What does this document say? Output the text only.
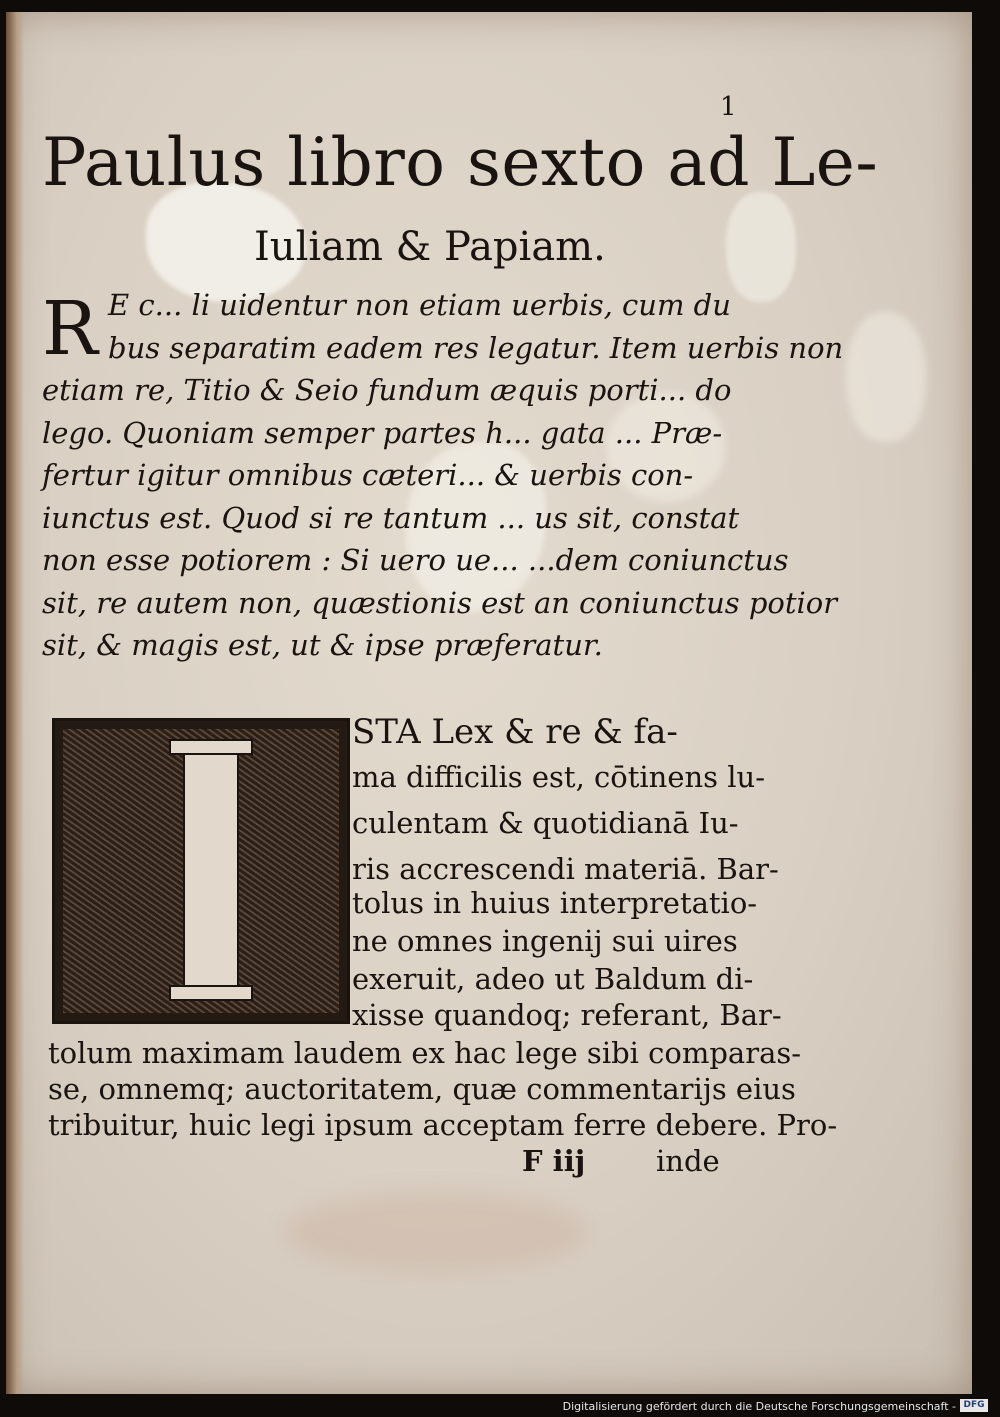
1
Paulus libro sexto ad Le-
Iuliam & Papiam.
R E c... li uidentur non etiam uerbis, cum du
bus separatim eadem res legatur. Item uerbis non
etiam re, Titio & Seio fundum æquis porti... do
lego. Quoniam semper partes h... gata ... Præ-
fertur igitur omnibus cæteri... & uerbis con-
iunctus est. Quod si re tantum ... us sit, constat
non esse potiorem : Si uero ue... ...dem coniunctus
sit, re autem non, quæstionis est an coniunctus potior
sit, & magis est, ut & ipse præferatur.
STA Lex & re & fa-
ma difficilis est, cōtinens lu-
culentam & quotidianā Iu-
ris accrescendi materiā. Bar-
tolus in huius interpretatio-
ne omnes ingenij sui uires
exeruit, adeo ut Baldum di-
xisse quandoq; referant, Bar-
tolum maximam laudem ex hac lege sibi comparas-
se, omnemq; auctoritatem, quæ commentarijs eius
tribuitur, huic legi ipsum acceptam ferre debere. Pro-
F iij inde
Digitalisierung gefördert durch die Deutsche Forschungsgemeinschaft - DFG
